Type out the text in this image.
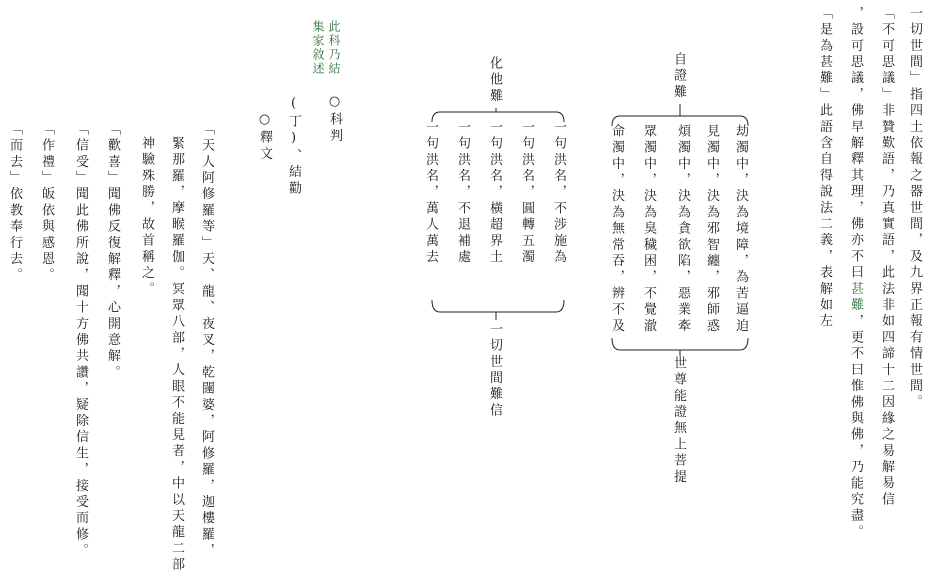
一切世間」指四土依報之器世間，及九界正報有情世間。
「不可思議」非贊歎語，乃真實語，此法非如四諦十二因緣之易解易信
，設可思議，佛早解釋其理，佛亦不曰甚難，更不曰惟佛與佛，乃能究盡。
「是為甚難」此語含自得說法二義，表解如左
自證難
化他難
劫濁中，決為境障，為苦逼迫
見濁中，決為邪智纏，邪師惑
煩濁中，決為貪欲陷，惡業牽
眾濁中，決為臭穢困，不覺澈
命濁中，決為無常吞，辨不及
世尊能證無上菩提
一句洪名，不涉施為
一句洪名，圓轉五濁
一句洪名，橫超界土
一句洪名，不退補處
一句洪名，萬人萬去
一切世間難信
○科判
此科乃結集家敘述
(丁)、結勸
○釋文
「天人阿修羅等」天、龍、夜叉，乾闥婆，阿修羅，迦樓羅，
緊那羅，摩睺羅伽。冥眾八部，人眼不能見者，中以天龍二部
神驗殊勝，故首稱之。
「歡喜」聞佛反復解釋，心開意解。
「信受」聞此佛所說，聞十方佛共讚，疑除信生，接受而修。
「作禮」皈依與感恩。
「而去」依教奉行去。
